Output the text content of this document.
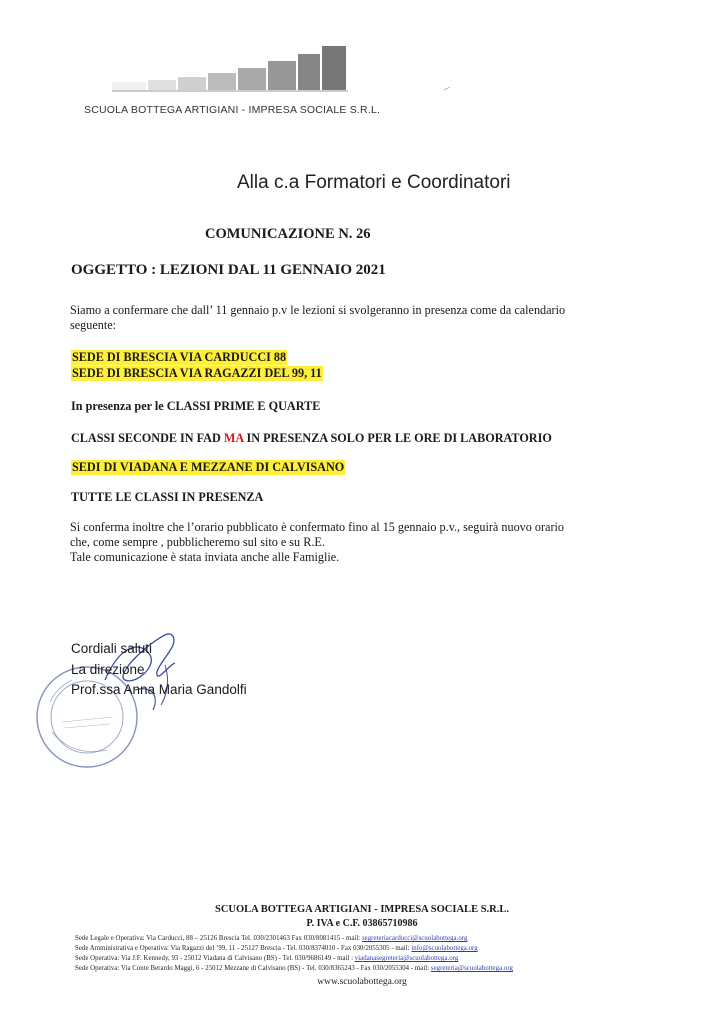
SCUOLA BOTTEGA ARTIGIANI - IMPRESA SOCIALE S.R.L.
Alla c.a Formatori e Coordinatori
COMUNICAZIONE N. 26
OGGETTO : LEZIONI DAL 11 GENNAIO 2021
Siamo a confermare che dall’ 11 gennaio p.v le lezioni si svolgeranno in presenza come da calendario
seguente:
SEDE DI BRESCIA VIA CARDUCCI 88
SEDE DI BRESCIA VIA RAGAZZI DEL 99, 11
In presenza per le CLASSI PRIME E QUARTE
CLASSI SECONDE IN FAD MA IN PRESENZA SOLO PER LE ORE DI LABORATORIO
SEDI DI VIADANA E MEZZANE DI CALVISANO
TUTTE LE CLASSI IN PRESENZA
Si conferma inoltre che l’orario pubblicato è confermato fino al 15 gennaio p.v., seguirà nuovo orario
che, come sempre , pubblicheremo sul sito e su R.E.
Tale comunicazione è stata inviata anche alle Famiglie.
Cordiali saluti
La direzione
Prof.ssa Anna Maria Gandolfi
SCUOLA BOTTEGA ARTIGIANI - IMPRESA SOCIALE S.R.L.
P. IVA e C.F. 03865710986
Sede Legale e Operativa: Via Carducci, 88 – 25126 Brescia Tel. 030/2301463 Fax 030/8081415 - mail: segreteriacarducci@scuolabottega.org
Sede Amministrativa e Operativa: Via Ragazzi del ’99, 11 - 25127 Brescia - Tel. 030/8374010 - Fax 030/2055305 - mail: info@scuolabottega.org
Sede Operativa: Via J.F. Kennedy, 93 - 25012 Viadana di Calvisano (BS) - Tel. 030/9686149 - mail : viadanasegreteria@scuolabottega.org
Sede Operativa: Via Conte Berardo Maggi, 6 - 25012 Mezzane di Calvisano (BS) - Tel. 030/8365243 - Fax 030/2055304 - mail: segreteria@scuolabottega.org
www.scuolabottega.org
